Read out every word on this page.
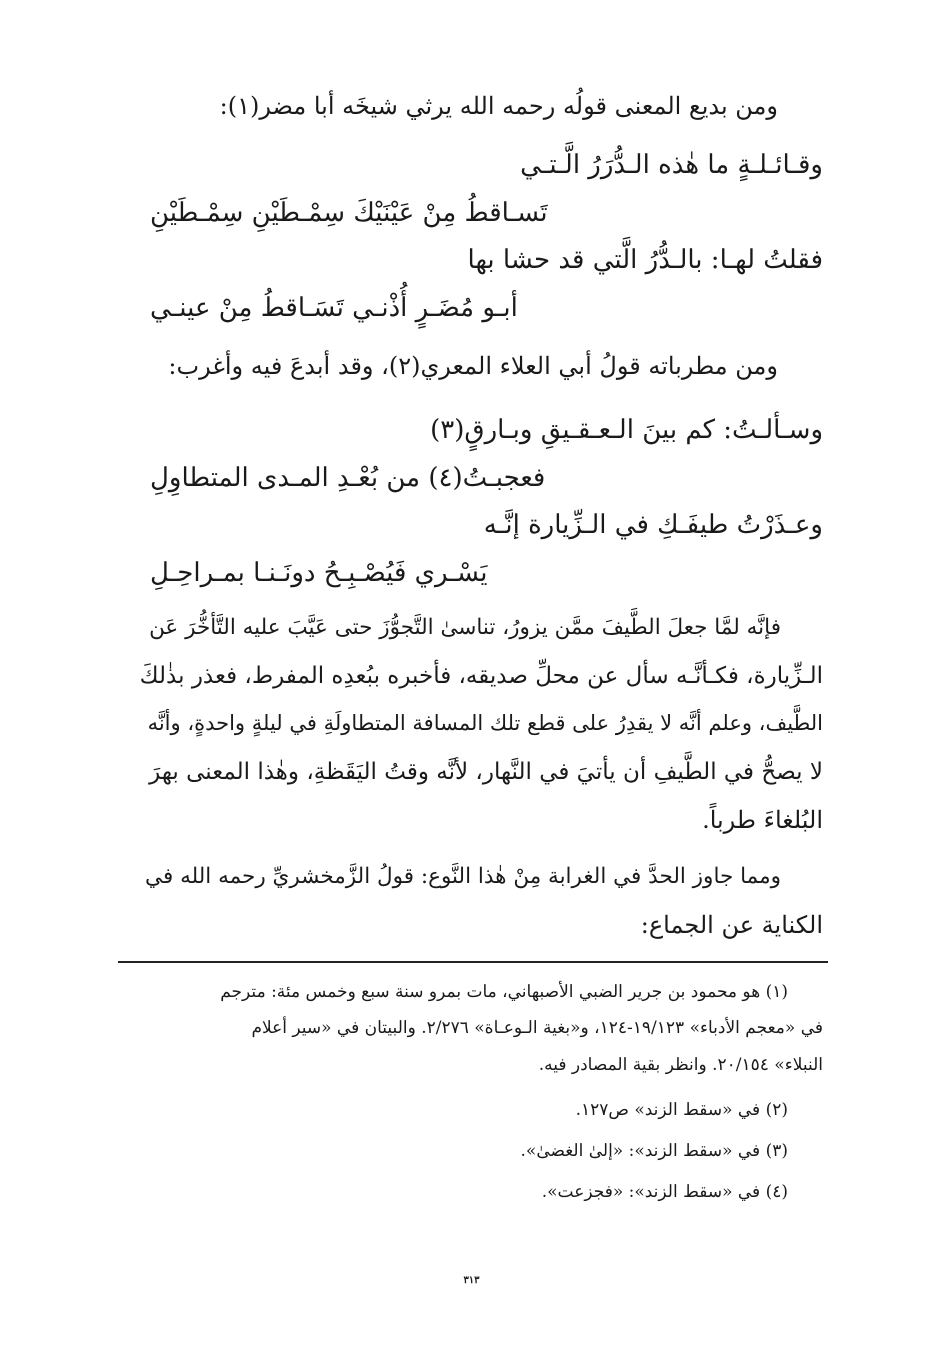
ومن بديع المعنى قولُه رحمه الله يرثي شيخَه أبا مضر(١):
وقـائـلـةٍ ما هٰذه الـدُّرَرُ الَّـتـي
تَسـاقطُ مِنْ عَيْنَيْكَ سِمْـطَيْنِ سِمْـطَيْنِ
فقلتُ لهـا: بالـدُّرُ الَّتي قد حشا بها
أبـو مُضَـرٍ أُذْنـي تَسَـاقطُ مِنْ عينـي
ومن مطرباته قولُ أبي العلاء المعري(٢)، وقد أبدعَ فيه وأغرب:
وسـألـتُ: كم بينَ الـعـقـيقِ وبـارقٍ(٣)
فعجبـتُ(٤) من بُعْـدِ المـدى المتطاوِلِ
وعـذَرْتُ طيفَـكِ في الـزِّيارة إنَّـه
يَسْـري فَيُصْـبِـحُ دونَـنـا بمـراحِـلِ
فإنَّه لمَّا جعلَ الطَّيفَ ممَّن يزورُ، تناسىٰ التَّجوُّزَ حتى عَيَّبَ عليه التَّأخُّرَ عَن
الـزِّيارة، فكـأنَّـه سأل عن محلِّ صديقه، فأخبره ببُعدِه المفرط، فعذر بذٰلكَ
الطَّيف، وعلم أنَّه لا يقدِرُ على قطع تلك المسافة المتطاولَةِ في ليلةٍ واحدةٍ، وأنَّه
لا يصحُّ في الطَّيفِ أن يأتيَ في النَّهار، لأنَّه وقتُ اليَقَظةِ، وهٰذا المعنى بهرَ
البُلغاءَ طرباً.
ومما جاوز الحدَّ في الغرابة مِنْ هٰذا النَّوع: قولُ الزَّمخشريِّ رحمه الله في
الكناية عن الجماع:
(١) هو محمود بن جرير الضبي الأصبهاني، مات بمرو سنة سبع وخمس مئة: مترجم
في «معجم الأدباء» ١٩/١٢٣-١٢٤، و«بغية الـوعـاة» ٢/٢٧٦. والبيتان في «سير أعلام
النبلاء» ٢٠/١٥٤. وانظر بقية المصادر فيه.
(٢) في «سقط الزند» ص١٢٧.
(٣) في «سقط الزند»: «إلىٰ الغضىٰ».
(٤) في «سقط الزند»: «فجزعت».
٣١٣
